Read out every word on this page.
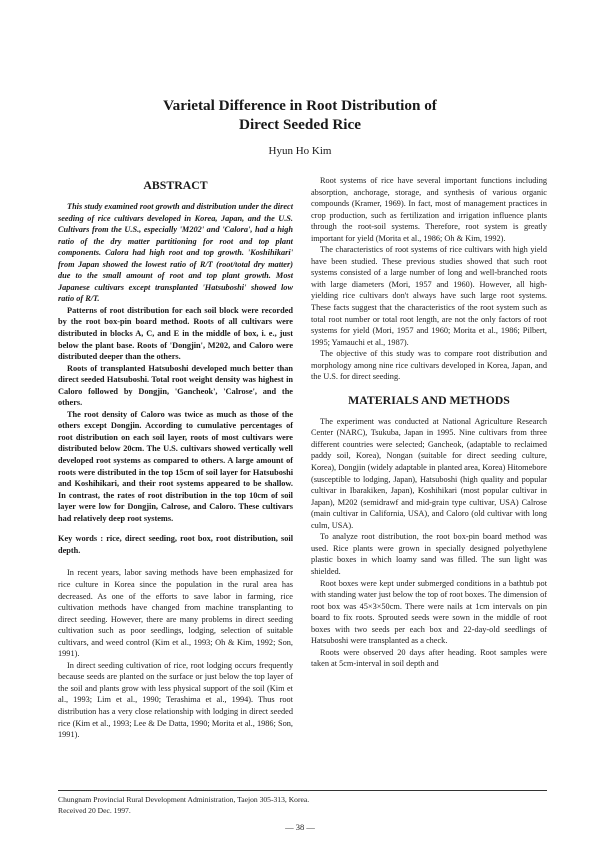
Varietal Difference in Root Distribution of
Direct Seeded Rice
Hyun Ho Kim
ABSTRACT

This study examined root growth and distribution under the direct seeding of rice cultivars developed in Korea, Japan, and the U.S. Cultivars from the U.S., especially 'M202' and 'Calora', had a high ratio of the dry matter partitioning for root and top plant components. Calora had high root and top growth. 'Koshihikari' from Japan showed the lowest ratio of R/T (root/total dry matter) due to the small amount of root and top plant growth. Most Japanese cultivars except transplanted 'Hatsuboshi' showed low ratio of R/T.

Patterns of root distribution for each soil block were recorded by the root box-pin board method. Roots of all cultivars were distributed in blocks A, C, and E in the middle of box, i. e., just below the plant base. Roots of 'Dongjin', M202, and Caloro were distributed deeper than the others.

Roots of transplanted Hatsuboshi developed much better than direct seeded Hatsuboshi. Total root weight density was highest in Caloro followed by Dongjin, 'Gancheok', 'Calrose', and the others.

The root density of Caloro was twice as much as those of the others except Dongjin. According to cumulative percentages of root distribution on each soil layer, roots of most cultivars were distributed below 20cm. The U.S. cultivars showed vertically well developed root systems as compared to others. A large amount of roots were distributed in the top 15cm of soil layer for Hatsuboshi and Koshihikari, and their root systems appeared to be shallow. In contrast, the rates of root distribution in the top 10cm of soil layer were low for Dongjin, Calrose, and Caloro. These cultivars had relatively deep root systems.

Key words : rice, direct seeding, root box, root distribution, soil depth.

In recent years, labor saving methods have been emphasized for rice culture in Korea since the population in the rural area has decreased. As one of the efforts to save labor in farming, rice cultivation methods have changed from machine transplanting to direct seeding. However, there are many problems in direct seeding cultivation such as poor seedlings, lodging, selection of suitable cultivars, and weed control (Kim et al., 1993; Oh & Kim, 1992; Son, 1991).

In direct seeding cultivation of rice, root lodging occurs frequently because seeds are planted on the surface or just below the top layer of the soil and plants grow with less physical support of the soil (Kim et al., 1993; Lim et al., 1990; Terashima et al., 1994). Thus root distribution has a very close relationship with lodging in direct seeded rice (Kim et al., 1993; Lee & De Datta, 1990; Morita et al., 1986; Son, 1991).

Root systems of rice have several important functions including absorption, anchorage, storage, and synthesis of various organic compounds (Kramer, 1969). In fact, most of management practices in crop production, such as fertilization and irrigation influence plants through the root-soil systems. Therefore, root system is greatly important for yield (Morita et al., 1986; Oh & Kim, 1992).

The characteristics of root systems of rice cultivars with high yield have been studied. These previous studies showed that such root systems consisted of a large number of long and well-branched roots with large diameters (Mori, 1957 and 1960). However, all high-yielding rice cultivars don't always have such large root systems. These facts suggest that the characteristics of the root system such as total root number or total root length, are not the only factors of root systems for yield (Mori, 1957 and 1960; Morita et al., 1986; Pilbert, 1995; Yamauchi et al., 1987).

The objective of this study was to compare root distribution and morphology among nine rice cultivars developed in Korea, Japan, and the U.S. for direct seeding.

MATERIALS AND METHODS

The experiment was conducted at National Agriculture Research Center (NARC), Tsukuba, Japan in 1995. Nine cultivars from three different countries were selected; Gancheok, (adaptable to reclaimed paddy soil, Korea), Nongan (suitable for direct seeding culture, Korea), Dongjin (widely adaptable in planted area, Korea) Hitomebore (susceptible to lodging, Japan), Hatsuboshi (high quality and popular cultivar in Ibarakiken, Japan), Koshihikari (most popular cultivar in Japan), M202 (semidrawf and mid-grain type cultivar, USA) Calrose (main cultivar in California, USA), and Caloro (old cultivar with long culm, USA).

To analyze root distribution, the root box-pin board method was used. Rice plants were grown in specially designed polyethylene plastic boxes in which loamy sand was filled. The sun light was shielded.

Root boxes were kept under submerged conditions in a bathtub pot with standing water just below the top of root boxes. The dimension of root box was 45×3×50cm. There were nails at 1cm intervals on pin board to fix roots. Sprouted seeds were sown in the middle of root boxes with two seeds per each box and 22-day-old seedlings of Hatsuboshi were transplanted as a check.

Roots were observed 20 days after heading. Root samples were taken at 5cm-interval in soil depth and

Chungnam Provincial Rural Development Administration, Taejon 305-313, Korea.
Received 20 Dec. 1997.
— 38 —
